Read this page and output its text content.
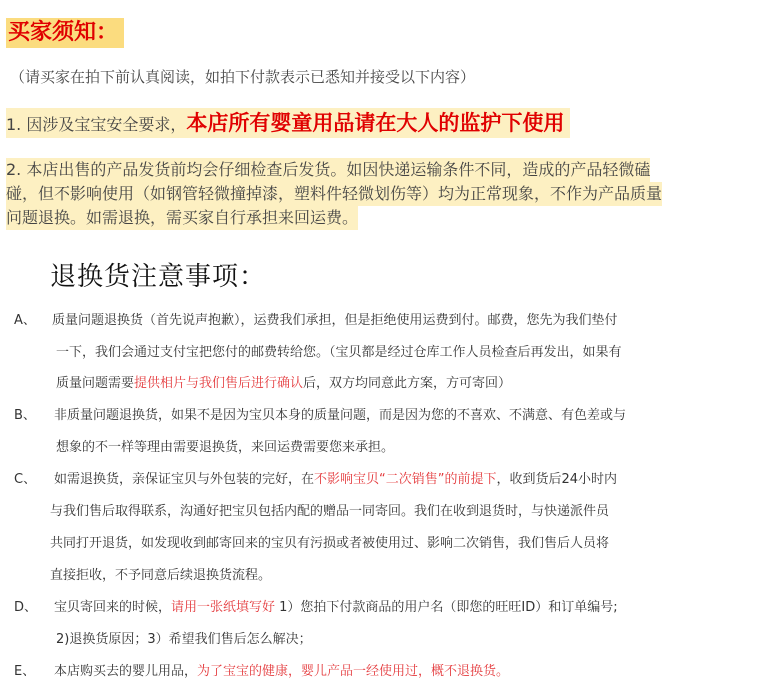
买家须知：
（请买家在拍下前认真阅读，如拍下付款表示已悉知并接受以下内容）
1. 因涉及宝宝安全要求，本店所有婴童用品请在大人的监护下使用
2. 本店出售的产品发货前均会仔细检查后发货。如因快递运输条件不同，造成的产品轻微磕
碰，但不影响使用（如钢管轻微撞掉漆，塑料件轻微划伤等）均为正常现象，不作为产品质量
问题退换。如需退换，需买家自行承担来回运费。
退换货注意事项：
A、 质量问题退换货（首先说声抱歉），运费我们承担，但是拒绝使用运费到付。邮费，您先为我们垫付
一下，我们会通过支付宝把您付的邮费转给您。（宝贝都是经过仓库工作人员检查后再发出，如果有
质量问题需要提供相片与我们售后进行确认后，双方均同意此方案，方可寄回）
B、 非质量问题退换货，如果不是因为宝贝本身的质量问题，而是因为您的不喜欢、不满意、有色差或与
想象的不一样等理由需要退换货，来回运费需要您来承担。
C、 如需退换货，亲保证宝贝与外包装的完好，在不影响宝贝“二次销售”的前提下，收到货后24小时内
与我们售后取得联系，沟通好把宝贝包括内配的赠品一同寄回。我们在收到退货时，与快递派件员
共同打开退货，如发现收到邮寄回来的宝贝有污损或者被使用过、影响二次销售，我们售后人员将
直接拒收，不予同意后续退换货流程。
D、 宝贝寄回来的时候，请用一张纸填写好 1）您拍下付款商品的用户名（即您的旺旺ID）和订单编号;
2)退换货原因；3）希望我们售后怎么解决；
E、 本店购买去的婴儿用品，为了宝宝的健康，婴儿产品一经使用过，概不退换货。
